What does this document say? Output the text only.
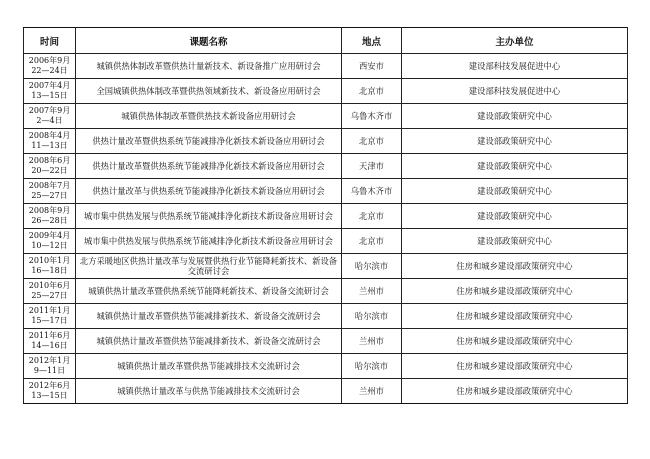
时间	课题名称	地点	主办单位

2006年9月
22—24日	城镇供热体制改革暨供热计量新技术、新设备推广应用研讨会	西安市	建设部科技发展促进中心

2007年4月
13—15日	全国城镇供热体制改革暨供热领域新技术、新设备应用研讨会	北京市	建设部科技发展促进中心

2007年9月
2—4日	城镇供热体制改革暨供热技术新设备应用研讨会	乌鲁木齐市	建设部政策研究中心

2008年4月
11—13日	供热计量改革暨供热系统节能减排净化新技术新设备应用研讨会	北京市	建设部政策研究中心

2008年6月
20—22日	供热计量改革暨供热系统节能减排净化新技术新设备应用研讨会	天津市	建设部政策研究中心

2008年7月
25—27日	供热计量改革与供热系统节能减排净化新技术新设备应用研讨会	乌鲁木齐市	建设部政策研究中心

2008年9月
26—28日	城市集中供热发展与供热系统节能减排净化新技术新设备应用研讨会	北京市	建设部政策研究中心

2009年4月
10—12日	城市集中供热发展与供热系统节能减排净化新技术新设备应用研讨会	北京市	建设部政策研究中心

2010年1月
16—18日	北方采暖地区供热计量改革与发展暨供热行业节能降耗新技术、新设备交流研讨会	哈尔滨市	住房和城乡建设部政策研究中心

2010年6月
25—27日	城镇供热计量改革暨供热系统节能降耗新技术、新设备交流研讨会	兰州市	住房和城乡建设部政策研究中心

2011年1月
15—17日	城镇供热计量改革暨供热节能减排新技术、新设备交流研讨会	哈尔滨市	住房和城乡建设部政策研究中心

2011年6月
14—16日	城镇供热计量改革暨供热节能减排新技术、新设备交流研讨会	兰州市	住房和城乡建设部政策研究中心

2012年1月
9—11日	城镇供热计量改革暨供热节能减排技术交流研讨会	哈尔滨市	住房和城乡建设部政策研究中心

2012年6月
13—15日	城镇供热计量改革与供热节能减排技术交流研讨会	兰州市	住房和城乡建设部政策研究中心
